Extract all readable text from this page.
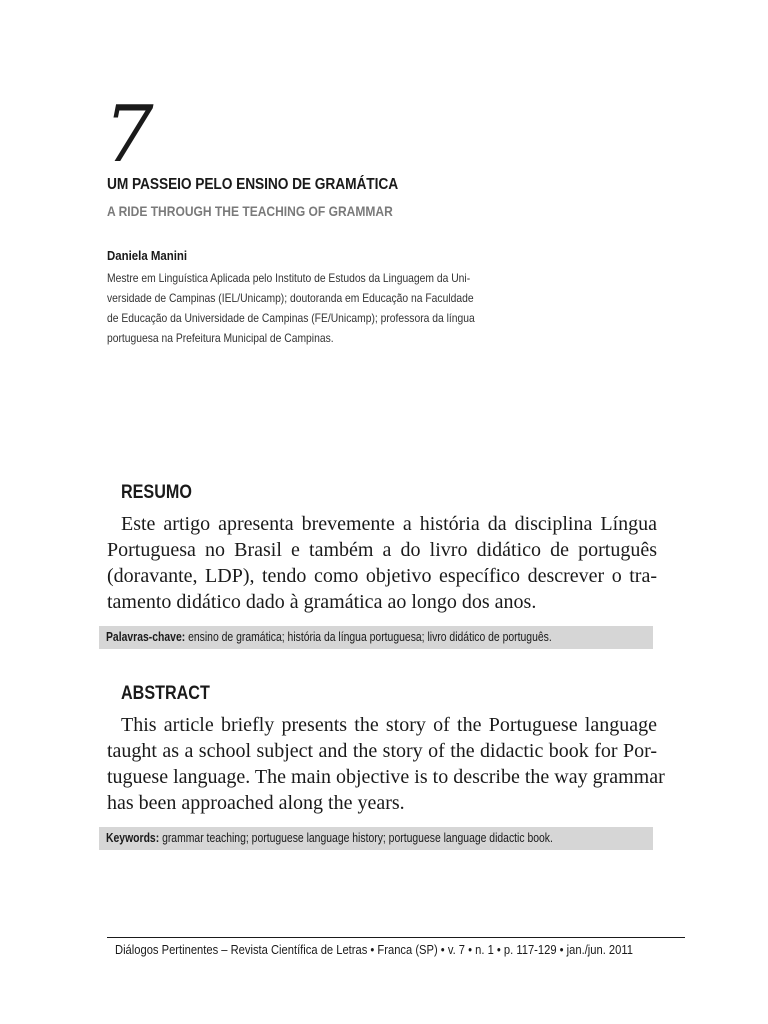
7
UM PASSEIO PELO ENSINO DE GRAMÁTICA
A RIDE THROUGH THE TEACHING OF GRAMMAR
Daniela Manini
Mestre em Linguística Aplicada pelo Instituto de Estudos da Linguagem da Uni-
versidade de Campinas (IEL/Unicamp); doutoranda em Educação na Faculdade
de Educação da Universidade de Campinas (FE/Unicamp); professora da língua
portuguesa na Prefeitura Municipal de Campinas.
RESUMO
Este artigo apresenta brevemente a história da disciplina Língua
Portuguesa no Brasil e também a do livro didático de português
(doravante, LDP), tendo como objetivo específico descrever o tra-
tamento didático dado à gramática ao longo dos anos.
Palavras-chave: ensino de gramática; história da língua portuguesa; livro didático de português.
ABSTRACT
This article briefly presents the story of the Portuguese language
taught as a school subject and the story of the didactic book for Por-
tuguese language. The main objective is to describe the way grammar
has been approached along the years.
Keywords: grammar teaching; portuguese language history; portuguese language didactic book.
Diálogos Pertinentes – Revista Científica de Letras • Franca (SP) • v. 7 • n. 1 • p. 117-129 • jan./jun. 2011
